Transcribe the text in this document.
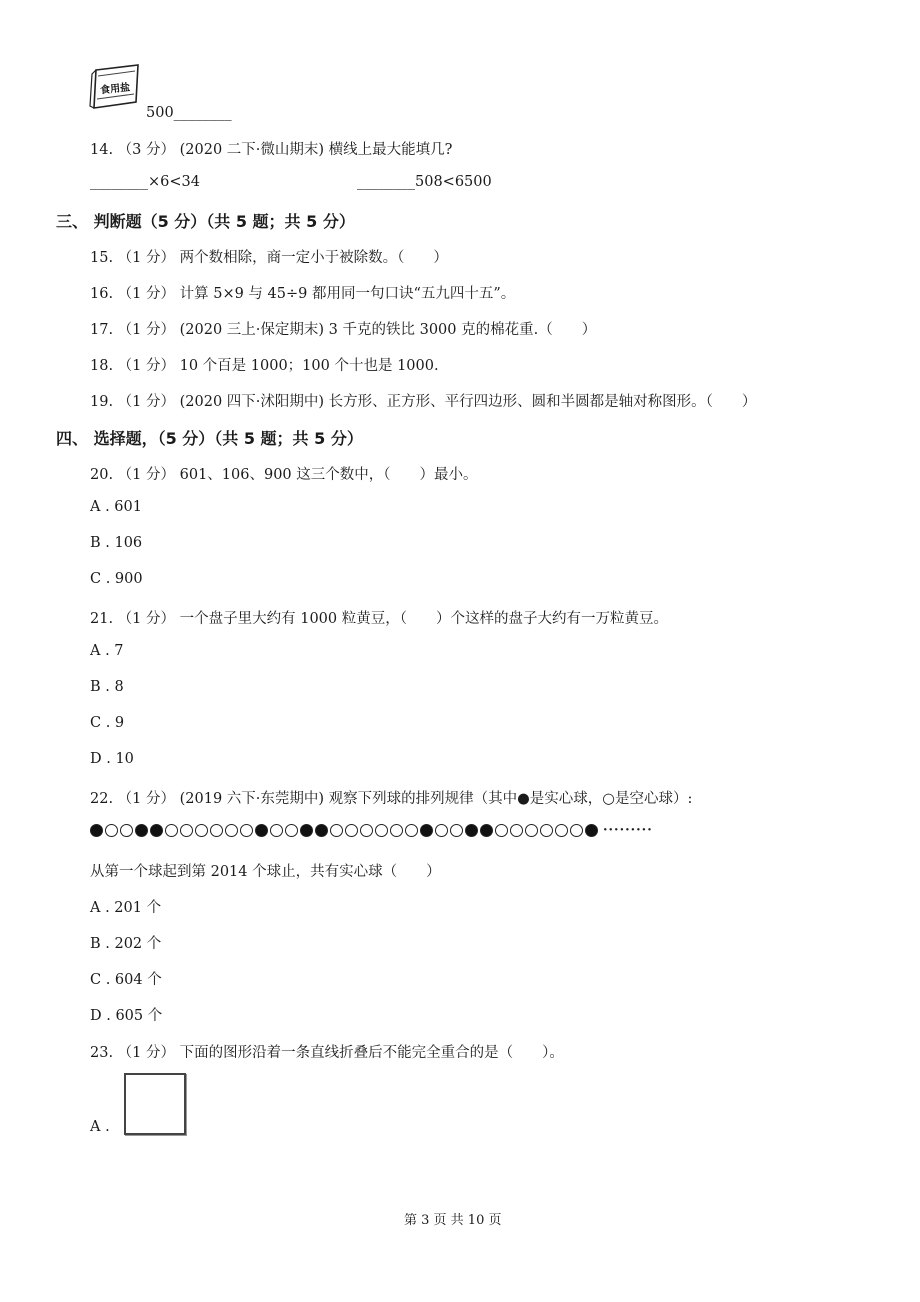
食用盐
500________
14. （3 分） (2020 二下·微山期末) 横线上最大能填几?
________×6<34	________508<6500
三、 判断题（5 分）（共 5 题；共 5 分）
15. （1 分） 两个数相除，商一定小于被除数。（　　）
16. （1 分） 计算 5×9 与 45÷9 都用同一句口诀“五九四十五”。
17. （1 分） (2020 三上·保定期末) 3 千克的铁比 3000 克的棉花重.（　　）
18. （1 分） 10 个百是 1000；100 个十也是 1000.
19. （1 分） (2020 四下·沭阳期中) 长方形、正方形、平行四边形、圆和半圆都是轴对称图形。（　　）
四、 选择题，（5 分）（共 5 题；共 5 分）
20. （1 分） 601、106、900 这三个数中，（　　）最小。
A . 601
B . 106
C . 900
21. （1 分） 一个盘子里大约有 1000 粒黄豆，（　　）个这样的盘子大约有一万粒黄豆。
A . 7
B . 8
C . 9
D . 10
22. （1 分） (2019 六下·东莞期中) 观察下列球的排列规律（其中●是实心球，○是空心球）:
·········
从第一个球起到第 2014 个球止，共有实心球（　　）
A . 201 个
B . 202 个
C . 604 个
D . 605 个
23. （1 分） 下面的图形沿着一条直线折叠后不能完全重合的是（　　）。
A .
第 3 页 共 10 页
